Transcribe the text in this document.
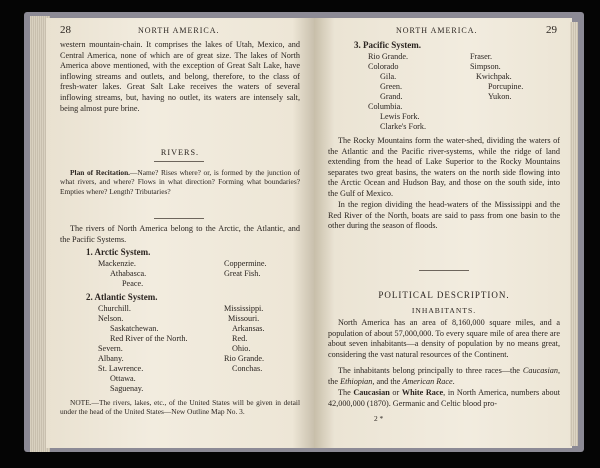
28	NORTH AMERICA.
western mountain-chain. It comprises the lakes of Utah, Mexico, and Central America, none of which are of great size. The lakes of North America above mentioned, with the exception of Great Salt Lake, have inflowing streams and outlets, and belong, therefore, to the class of fresh-water lakes. Great Salt Lake receives the waters of several inflowing streams, but, having no outlet, its waters are intensely salt, being almost pure brine.
RIVERS.
Plan of Recitation.—Name? Rises where? or, is formed by the junction of what rivers, and where? Flows in what direction? Forming what boundaries? Empties where? Length? Tributaries?
The rivers of North America belong to the Arctic, the Atlantic, and the Pacific Systems.
1. Arctic System.
Mackenzie.
Athabasca.
Peace.
Coppermine.
Great Fish.
2. Atlantic System.
Churchill.
Nelson.
Saskatchewan.
Red River of the North.
Severn.
Albany.
St. Lawrence.
Ottawa.
Saguenay.
Mississippi.
Missouri.
Arkansas.
Red.
Ohio.
Rio Grande.
Conchas.
NOTE.—The rivers, lakes, etc., of the United States will be given in detail under the head of the United States—New Outline Map No. 3.
NORTH AMERICA.	29
3. Pacific System.
Rio Grande.
Colorado
Gila.
Green.
Grand.
Columbia.
Lewis Fork.
Clarke's Fork.
Fraser.
Simpson.
Kwichpak.
Porcupine.
Yukon.
The Rocky Mountains form the water-shed, dividing the waters of the Atlantic and the Pacific river-systems, while the ridge of land extending from the head of Lake Superior to the Rocky Mountains separates two great basins, the waters on the north side flowing into the Arctic Ocean and Hudson Bay, and those on the south side, into the Gulf of Mexico.
In the region dividing the head-waters of the Mississippi and the Red River of the North, boats are said to pass from one basin to the other during the season of floods.
POLITICAL DESCRIPTION.
INHABITANTS.
North America has an area of 8,160,000 square miles, and a population of about 57,000,000. To every square mile of area there are about seven inhabitants—a density of population by no means great, considering the vast natural resources of the Continent.
The inhabitants belong principally to three races—the Caucasian, the Ethiopian, and the American Race.
The Caucasian or White Race, in North America, numbers about 42,000,000 (1870). Germanic and Celtic blood pro-
2 *
